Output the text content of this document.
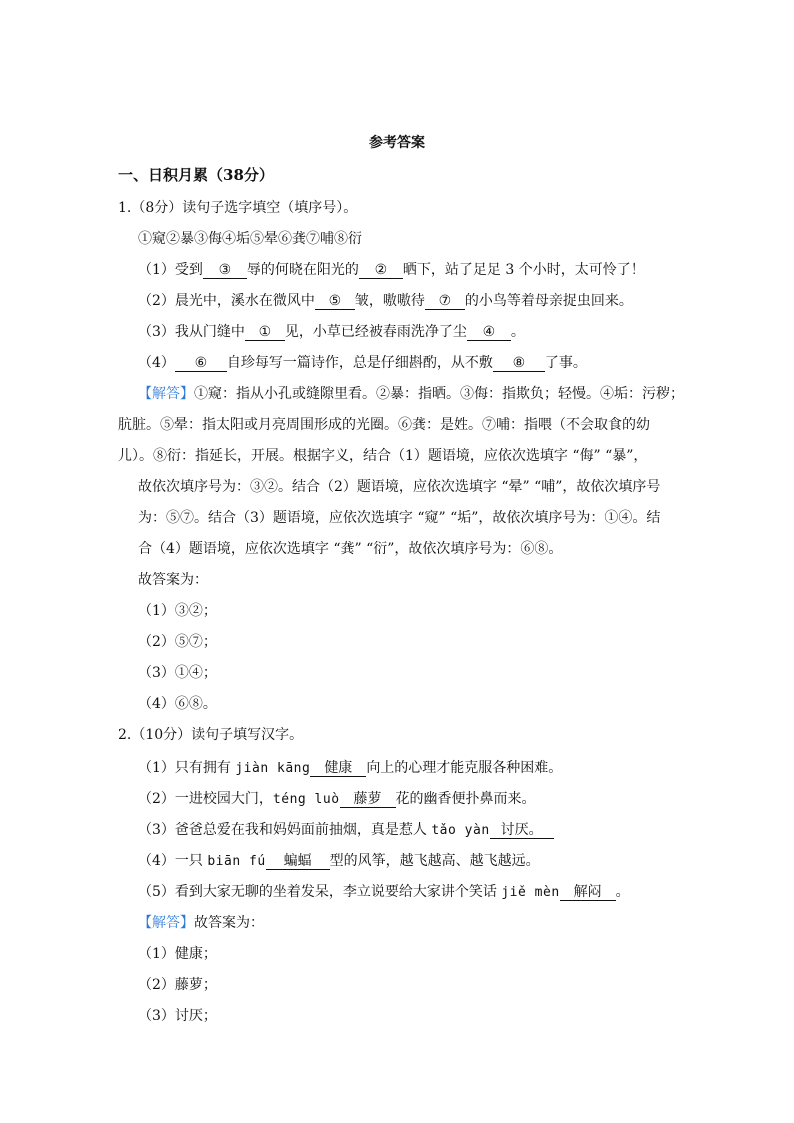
参考答案
一、日积月累（38分）
1.（8分）读句子选字填空（填序号）。
①窥②暴③侮④垢⑤晕⑥龚⑦哺⑧衍
（1）受到 ③ 辱的何晓在阳光的 ② 晒下，站了足足 3 个小时，太可怜了！
（2）晨光中，溪水在微风中 ⑤ 皱，嗷嗷待 ⑦ 的小鸟等着母亲捉虫回来。
（3）我从门缝中 ① 见，小草已经被春雨洗净了尘 ④ 。
（4） ⑥ 自珍每写一篇诗作，总是仔细斟酌，从不敷 ⑧ 了事。
【解答】①窥：指从小孔或缝隙里看。②暴：指晒。③侮：指欺负；轻慢。④垢：污秽；
肮脏。⑤晕：指太阳或月亮周围形成的光圈。⑥龚：是姓。⑦哺：指喂（不会取食的幼
儿）。⑧衍：指延长，开展。根据字义，结合（1）题语境，应依次选填字 “侮” “暴”，
故依次填序号为：③②。结合（2）题语境，应依次选填字 “晕” “哺”，故依次填序号
为：⑤⑦。结合（3）题语境，应依次选填字 “窥” “垢”，故依次填序号为：①④。结
合（4）题语境，应依次选填字 “龚” “衍”，故依次填序号为：⑥⑧。
故答案为：
（1）③②；
（2）⑤⑦；
（3）①④；
（4）⑥⑧。
2.（10分）读句子填写汉字。
（1）只有拥有 jiàn kāng 健康 向上的心理才能克服各种困难。
（2）一进校园大门，téng luò 藤萝 花的幽香便扑鼻而来。
（3）爸爸总爱在我和妈妈面前抽烟，真是惹人 tǎo yàn 讨厌。
（4）一只 biān fú 蝙蝠 型的风筝，越飞越高、越飞越远。
（5）看到大家无聊的坐着发呆，李立说要给大家讲个笑话 jiě mèn 解闷 。
【解答】故答案为：
（1）健康；
（2）藤萝；
（3）讨厌；
